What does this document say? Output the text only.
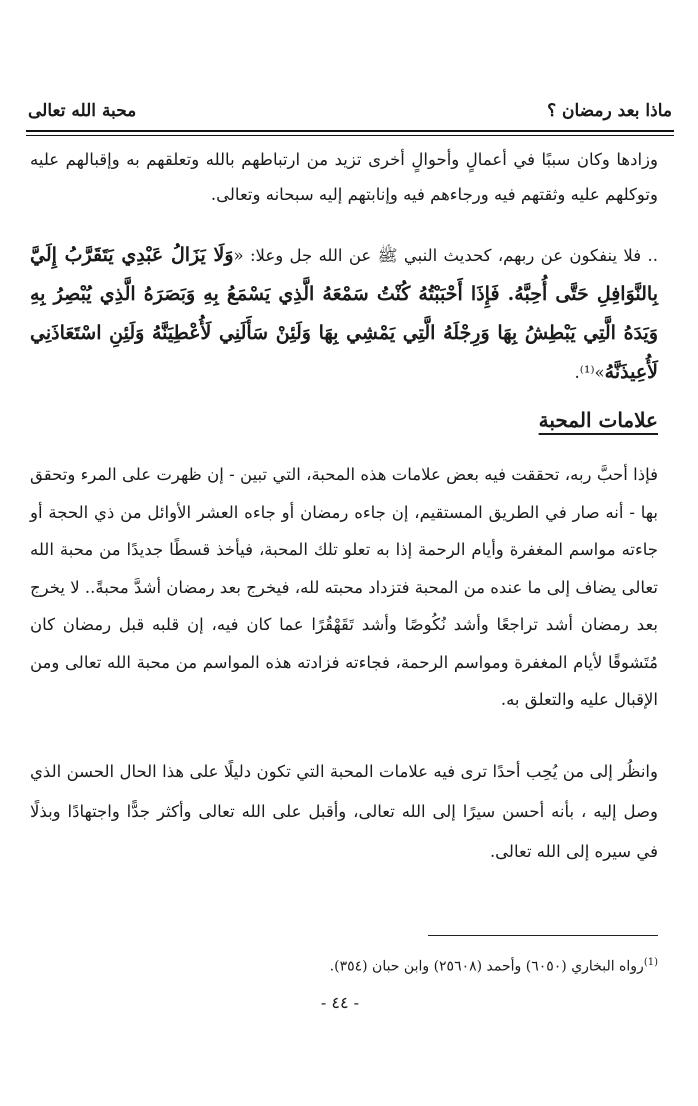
ماذا بعد رمضان ؟
محبة الله تعالى

وزادها وكان سببًا في أعمالٍ وأحوالٍ أخرى تزيد من ارتباطهم بالله وتعلقهم به وإقبالهم عليه وتوكلهم عليه وثقتهم فيه ورجاءهم فيه وإنابتهم إليه سبحانه وتعالى.

.. فلا ينفكون عن ربهم، كحديث النبي ﷺ عن الله جل وعلا: «وَلَا يَزَالُ عَبْدِي يَتَقَرَّبُ إِلَيَّ بِالنَّوَافِلِ حَتَّى أُحِبَّهُ. فَإِذَا أَحْبَبْتُهُ كُنْتُ سَمْعَهُ الَّذِي يَسْمَعُ بِهِ وَبَصَرَهُ الَّذِي يُبْصِرُ بِهِ وَيَدَهُ الَّتِي يَبْطِشُ بِهَا وَرِجْلَهُ الَّتِي يَمْشِي بِهَا وَلَئِنْ سَأَلَنِي لَأُعْطِيَنَّهُ وَلَئِنِ اسْتَعَاذَنِي لَأُعِيذَنَّهُ»⁽¹⁾.

علامات المحبة

فإذا أحبَّ ربه، تحققت فيه بعض علامات هذه المحبة، التي تبين - إن ظهرت على المرء وتحقق بها - أنه صار في الطريق المستقيم، إن جاءه رمضان أو جاءه العشر الأوائل من ذي الحجة أو جاءته مواسم المغفرة وأيام الرحمة إذا به تعلو تلك المحبة، فيأخذ قسطًا جديدًا من محبة الله تعالى يضاف إلى ما عنده من المحبة فتزداد محبته لله، فيخرج بعد رمضان أشدَّ محبةً.. لا يخرج بعد رمضان أشد تراجعًا وأشد نُكُوصًا وأشد تَقَهْقُرًا عما كان فيه، إن قلبه قبل رمضان كان مُتَشوقًا لأيام المغفرة ومواسم الرحمة، فجاءته فزادته هذه المواسم من محبة الله تعالى ومن الإقبال عليه والتعلق به.

وانظُر إلى من يُحِب أحدًا ترى فيه علامات المحبة التي تكون دليلًا على هذا الحال الحسن الذي وصل إليه ، بأنه أحسن سيرًا إلى الله تعالى، وأقبل على الله تعالى وأكثر جدًّا واجتهادًا وبذلًا في سيره إلى الله تعالى.

$^{(1)}$رواه البخاري (٦٠٥٠) وأحمد (٢٥٦٠٨) وابن حبان (٣٥٤).
- ٤٤ -
